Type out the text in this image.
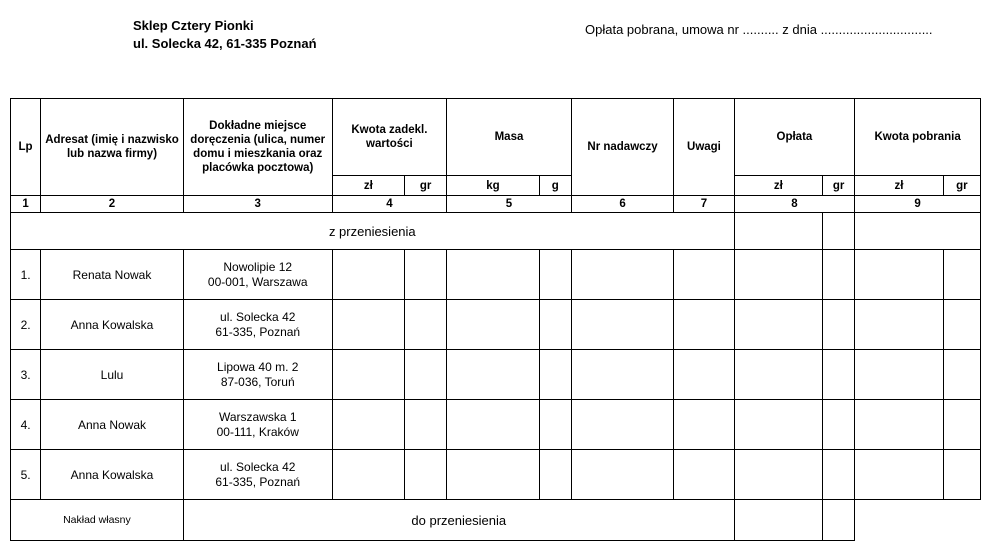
Sklep Cztery Pionki
ul. Solecka 42, 61-335 Poznań
Opłata pobrana, umowa nr .......... z dnia ...............................
Lp	Adresat (imię i nazwisko lub nazwa firmy)	Dokładne miejsce doręczenia (ulica, numer domu i mieszkania oraz placówka pocztowa)	Kwota zadekl. wartości		Masa		Nr nadawczy	Uwagi	Opłata		Kwota pobrania	
			zł	gr	kg	g			zł	gr	zł	gr
1	2	3	4		5		6	7	8		9	
z przeniesienia												
1.	Renata Nowak	Nowolipie 12
00-001, Warszawa										

2.	Anna Kowalska	ul. Solecka 42
61-335, Poznań										

3.	Lulu	Lipowa 40 m. 2
87-036, Toruń										

4.	Anna Nowak	Warszawska 1
00-111, Kraków										

5.	Anna Kowalska	ul. Solecka 42
61-335, Poznań										

Nakład własny		do przeniesienia										
